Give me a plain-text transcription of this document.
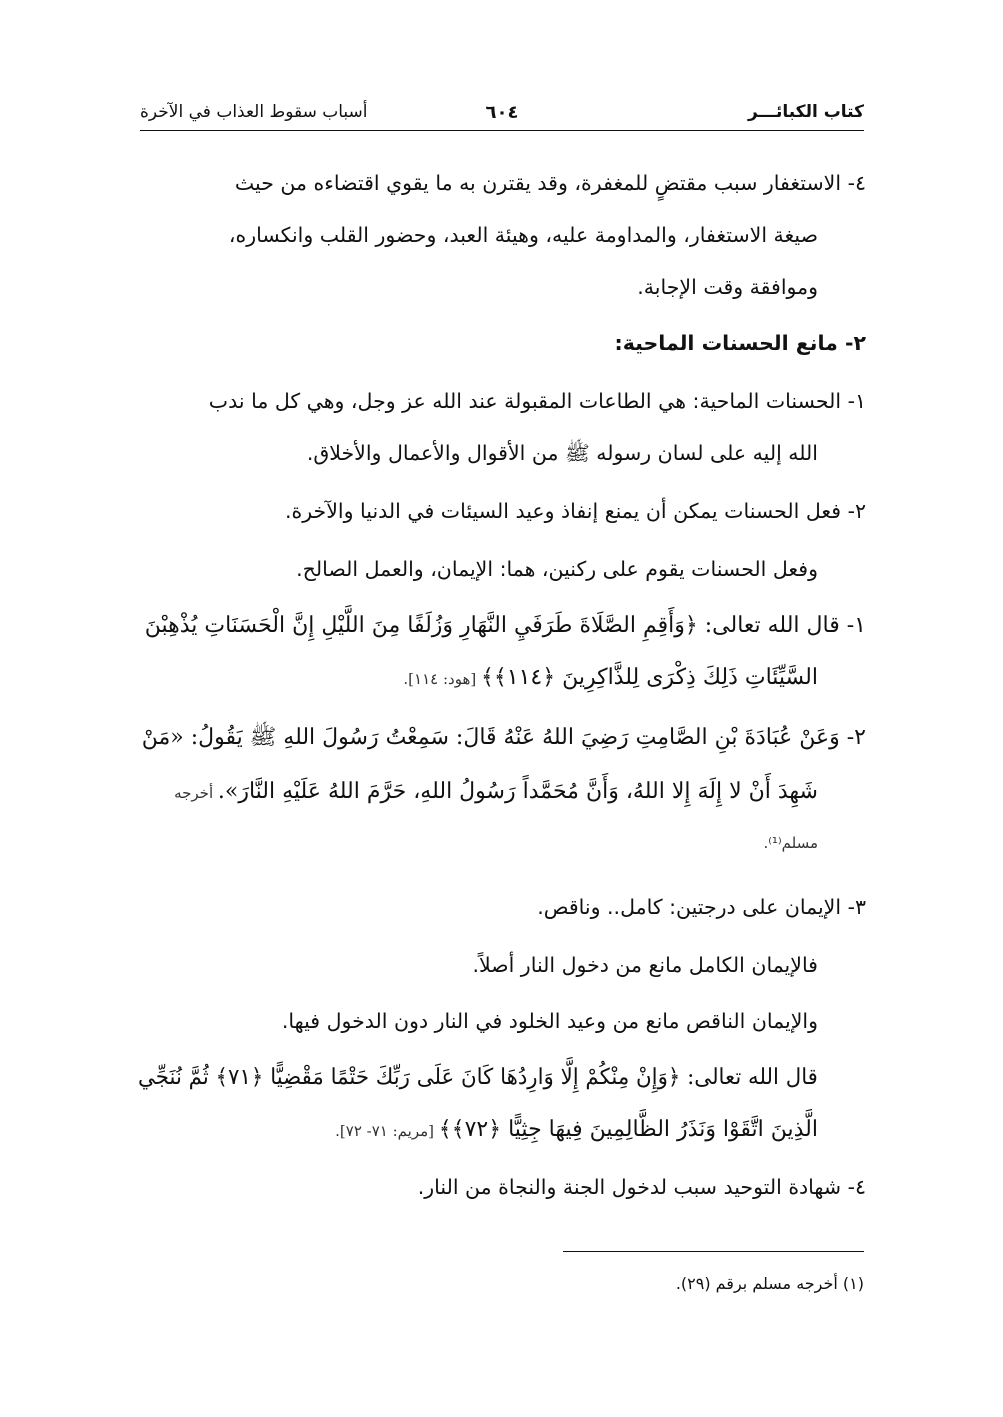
كتاب الكبائـــر
٦٠٤
أسباب سقوط العذاب في الآخرة
٤- الاستغفار سبب مقتضٍ للمغفرة، وقد يقترن به ما يقوي اقتضاءه من حيث
صيغة الاستغفار، والمداومة عليه، وهيئة العبد، وحضور القلب وانكساره،
وموافقة وقت الإجابة.
٢- مانع الحسنات الماحية:
١- الحسنات الماحية: هي الطاعات المقبولة عند الله عز وجل، وهي كل ما ندب
الله إليه على لسان رسوله ﷺ من الأقوال والأعمال والأخلاق.
٢- فعل الحسنات يمكن أن يمنع إنفاذ وعيد السيئات في الدنيا والآخرة.
وفعل الحسنات يقوم على ركنين، هما: الإيمان، والعمل الصالح.
١- قال الله تعالى: ﴿وَأَقِمِ الصَّلَاةَ طَرَفَيِ النَّهَارِ وَزُلَفًا مِنَ اللَّيْلِ إِنَّ الْحَسَنَاتِ يُذْهِبْنَ
السَّيِّئَاتِ ذَلِكَ ذِكْرَى لِلذَّاكِرِينَ ﴿١١٤﴾﴾ [هود: ١١٤].
٢- وَعَنْ عُبَادَةَ بْنِ الصَّامِتِ رَضِيَ اللهُ عَنْهُ قَالَ: سَمِعْتُ رَسُولَ اللهِ ﷺ يَقُولُ: «مَنْ
شَهِدَ أَنْ لا إِلَهَ إِلا اللهُ، وَأَنَّ مُحَمَّداً رَسُولُ اللهِ، حَرَّمَ اللهُ عَلَيْهِ النَّارَ». أخرجه
مسلم⁽¹⁾.
٣- الإيمان على درجتين: كامل.. وناقص.
فالإيمان الكامل مانع من دخول النار أصلاً.
والإيمان الناقص مانع من وعيد الخلود في النار دون الدخول فيها.
قال الله تعالى: ﴿وَإِنْ مِنْكُمْ إِلَّا وَارِدُهَا كَانَ عَلَى رَبِّكَ حَتْمًا مَقْضِيًّا ﴿٧١﴾ ثُمَّ نُنَجِّي
الَّذِينَ اتَّقَوْا وَنَذَرُ الظَّالِمِينَ فِيهَا جِثِيًّا ﴿٧٢﴾﴾ [مريم: ٧١- ٧٢].
٤- شهادة التوحيد سبب لدخول الجنة والنجاة من النار.
(١) أخرجه مسلم برقم (٢٩).
